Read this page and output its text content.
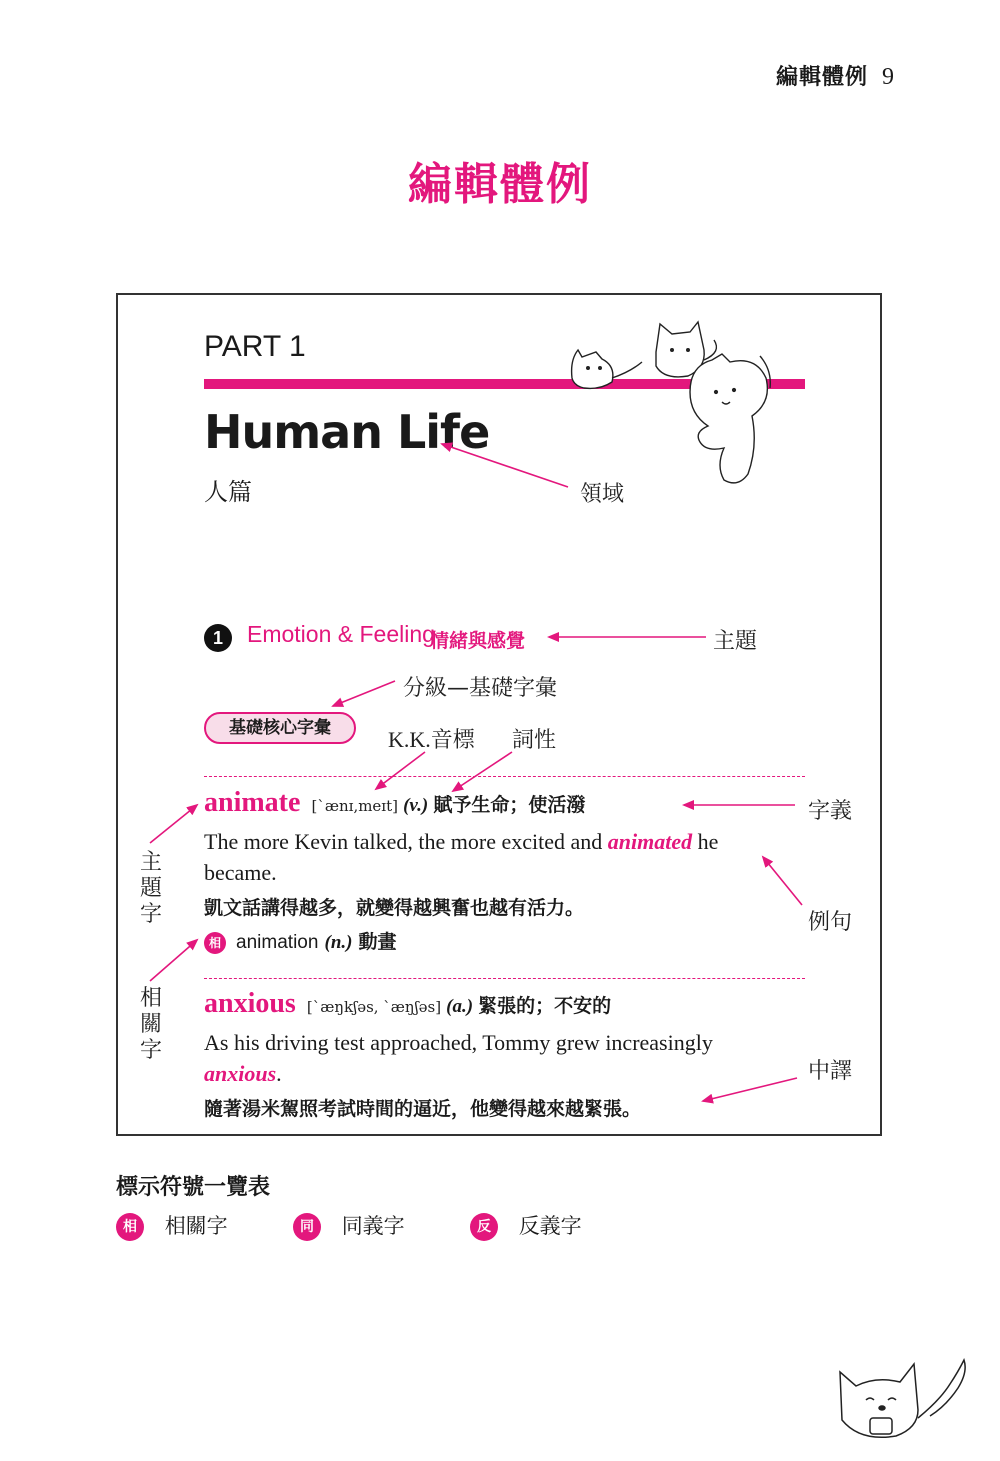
編輯體例 9
編輯體例
PART 1
Human Life
人篇
1	Emotion & Feeling
情緒與感覺
基礎核心字彙
animate [`ænɪ,meɪt] (v.) 賦予生命；使活潑
The more Kevin talked, the more excited and animated he became.
凱文話講得越多，就變得越興奮也越有活力。
相 animation (n.) 動畫
anxious [`æŋkʃəs, `æŋʃəs] (a.) 緊張的；不安的
As his driving test approached, Tommy grew increasingly anxious.
隨著湯米駕照考試時間的逼近，他變得越來越緊張。
領域
主題
分級—基礎字彙
K.K.音標 詞性
字義
主題字	例句
相關字
中譯
標示符號一覽表
相 相關字	同 同義字	反 反義字
